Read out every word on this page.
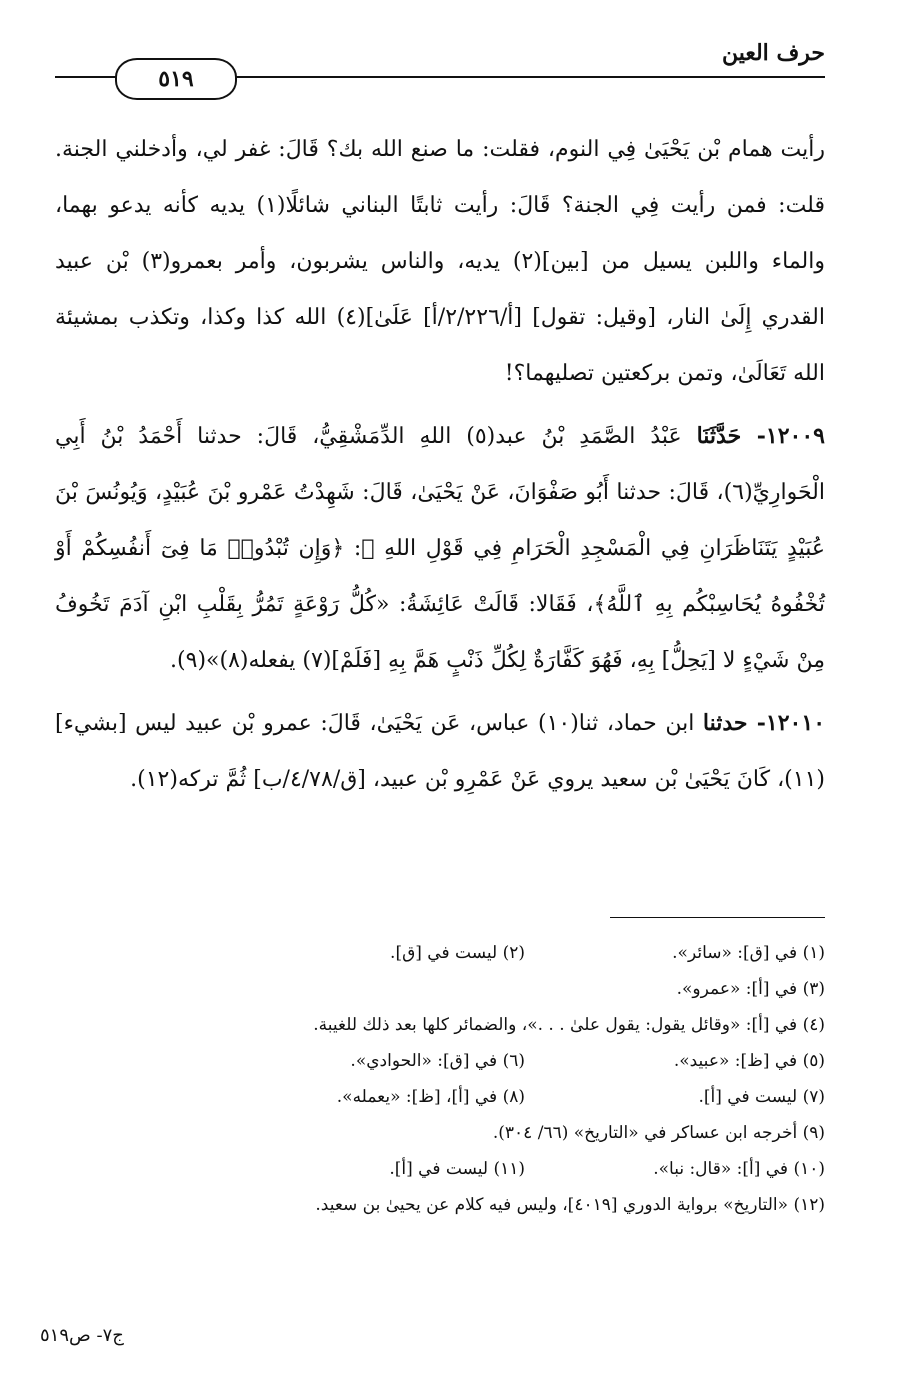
حرف العين
٥١٩

رأيت همام بْن يَحْيَىٰ فِي النوم، فقلت: ما صنع الله بك؟ قَالَ: غفر لي، وأدخلني الجنة. قلت: فمن رأيت فِي الجنة؟ قَالَ: رأيت ثابتًا البناني شائلًا(١) يديه كأنه يدعو بهما، والماء واللبن يسيل من [بين](٢) يديه، والناس يشربون، وأمر بعمرو(٣) بْن عبيد القدري إِلَىٰ النار، [وقيل: تقول] [أ/٢/٢٢٦/أ] عَلَىٰ](٤) الله كذا وكذا، وتكذب بمشيئة الله تَعَالَىٰ، وتمن بركعتين تصليهما؟!

١٢٠٠٩- حَدَّثَنَا عَبْدُ الصَّمَدِ بْنُ عبد(٥) اللهِ الدِّمَشْقِيُّ، قَالَ: حدثنا أَحْمَدُ بْنُ أَبِي الْحَوارِيِّ(٦)، قَالَ: حدثنا أَبُو صَفْوَانَ، عَنْ يَحْيَىٰ، قَالَ: شَهِدْتُ عَمْرو بْنَ عُبَيْدٍ، وَيُونُسَ بْنَ عُبَيْدٍ يَتَنَاظَرَانِ فِي الْمَسْجِدِ الْحَرَامِ فِي قَوْلِ اللهِ ﷻ: ﴿وَإِن تُبْدُوا۟ مَا فِىٓ أَنفُسِكُمْ أَوْ تُخْفُوهُ يُحَاسِبْكُم بِهِ ٱللَّهُ﴾، فَقَالا: قَالَتْ عَائِشَةُ: «كُلُّ رَوْعَةٍ تَمُرُّ بِقَلْبِ ابْنِ آدَمَ تَخُوفُ مِنْ شَيْءٍ لا [يَحِلُّ] بِهِ، فَهُوَ كَفَّارَةٌ لِكُلِّ ذَنْبٍ هَمَّ بِهِ [فَلَمْ](٧) يفعله(٨)»(٩).

١٢٠١٠- حدثنا ابن حماد، ثنا(١٠) عباس، عَن يَحْيَىٰ، قَالَ: عمرو بْن عبيد ليس [بشيء](١١)، كَانَ يَحْيَىٰ بْن سعيد يروي عَنْ عَمْرِو بْن عبيد، [ق/٤/٧٨/ب] ثُمَّ تركه(١٢).

(١) في [ق]: «سائر».
(٢) ليست في [ق].
(٣) في [أ]: «عمرو».
(٤) في [أ]: «وقائل يقول: يقول علىٰ . . .»، والضمائر كلها بعد ذلك للغيبة.
(٥) في [ظ]: «عبيد».
(٦) في [ق]: «الحوادي».
(٧) ليست في [أ].
(٨) في [أ]، [ظ]: «يعمله».
(٩) أخرجه ابن عساكر في «التاريخ» (٦٦/ ٣٠٤).
(١٠) في [أ]: «قال: نبا».
(١١) ليست في [أ].
(١٢) «التاريخ» برواية الدوري [٤٠١٩]، وليس فيه كلام عن يحيىٰ بن سعيد.
ج٧- ص٥١٩
